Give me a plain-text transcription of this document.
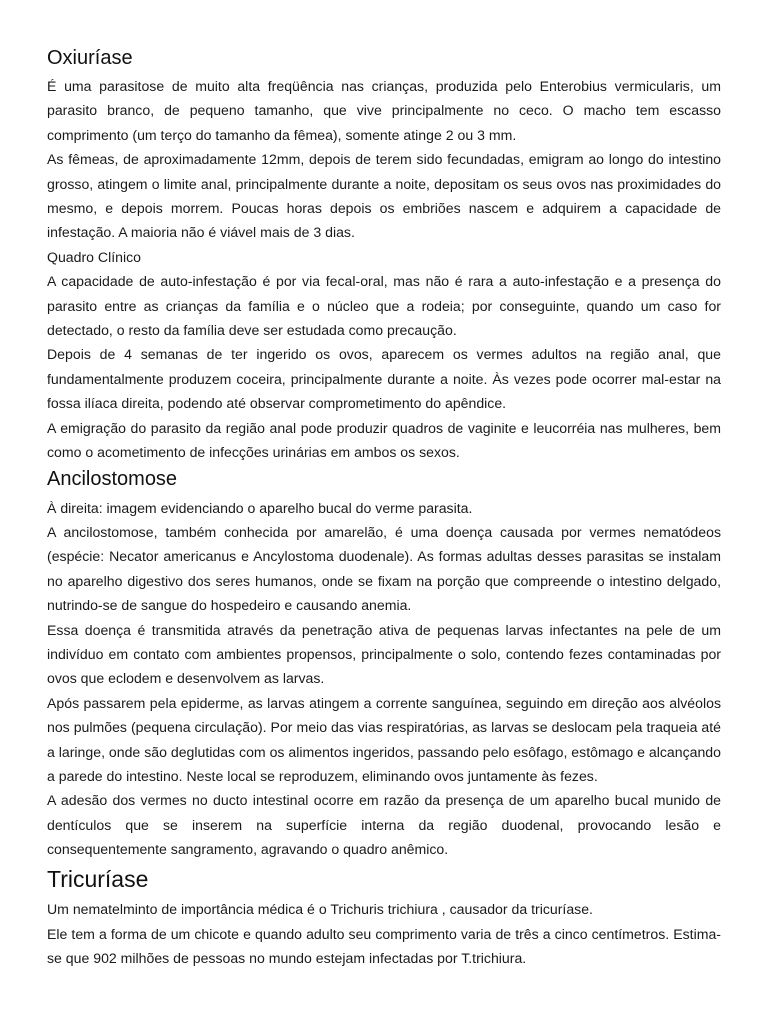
Oxiuríase

É uma parasitose de muito alta freqüência nas crianças, produzida pelo Enterobius vermicularis, um parasito branco, de pequeno tamanho, que vive principalmente no ceco. O macho tem escasso comprimento (um terço do tamanho da fêmea), somente atinge 2 ou 3 mm.

As fêmeas, de aproximadamente 12mm, depois de terem sido fecundadas, emigram ao longo do intestino grosso, atingem o limite anal, principalmente durante a noite, depositam os seus ovos nas proximidades do mesmo, e depois morrem. Poucas horas depois os embriões nascem e adquirem a capacidade de infestação. A maioria não é viável mais de 3 dias.

Quadro Clínico

A capacidade de auto-infestação é por via fecal-oral, mas não é rara a auto-infestação e a presença do parasito entre as crianças da família e o núcleo que a rodeia; por conseguinte, quando um caso for detectado, o resto da família deve ser estudada como precaução.

Depois de 4 semanas de ter ingerido os ovos, aparecem os vermes adultos na região anal, que fundamentalmente produzem coceira, principalmente durante a noite. Às vezes pode ocorrer mal-estar na fossa ilíaca direita, podendo até observar comprometimento do apêndice.

A emigração do parasito da região anal pode produzir quadros de vaginite e leucorréia nas mulheres, bem como o acometimento de infecções urinárias em ambos os sexos.

Ancilostomose

À direita: imagem evidenciando o aparelho bucal do verme parasita.

A ancilostomose, também conhecida por amarelão, é uma doença causada por vermes nematódeos (espécie: Necator americanus e Ancylostoma duodenale). As formas adultas desses parasitas se instalam no aparelho digestivo dos seres humanos, onde se fixam na porção que compreende o intestino delgado, nutrindo-se de sangue do hospedeiro e causando anemia.

Essa doença é transmitida através da penetração ativa de pequenas larvas infectantes na pele de um indivíduo em contato com ambientes propensos, principalmente o solo, contendo fezes contaminadas por ovos que eclodem e desenvolvem as larvas.

Após passarem pela epiderme, as larvas atingem a corrente sanguínea, seguindo em direção aos alvéolos nos pulmões (pequena circulação). Por meio das vias respiratórias, as larvas se deslocam pela traqueia até a laringe, onde são deglutidas com os alimentos ingeridos, passando pelo esôfago, estômago e alcançando a parede do intestino. Neste local se reproduzem, eliminando ovos juntamente às fezes.

A adesão dos vermes no ducto intestinal ocorre em razão da presença de um aparelho bucal munido de dentículos que se inserem na superfície interna da região duodenal, provocando lesão e consequentemente sangramento, agravando o quadro anêmico.

Tricuríase

Um nematelminto de importância médica é o Trichuris trichiura , causador da tricuríase.

Ele tem a forma de um chicote e quando adulto seu comprimento varia de três a cinco centímetros. Estima-se que 902 milhões de pessoas no mundo estejam infectadas por T.trichiura.
